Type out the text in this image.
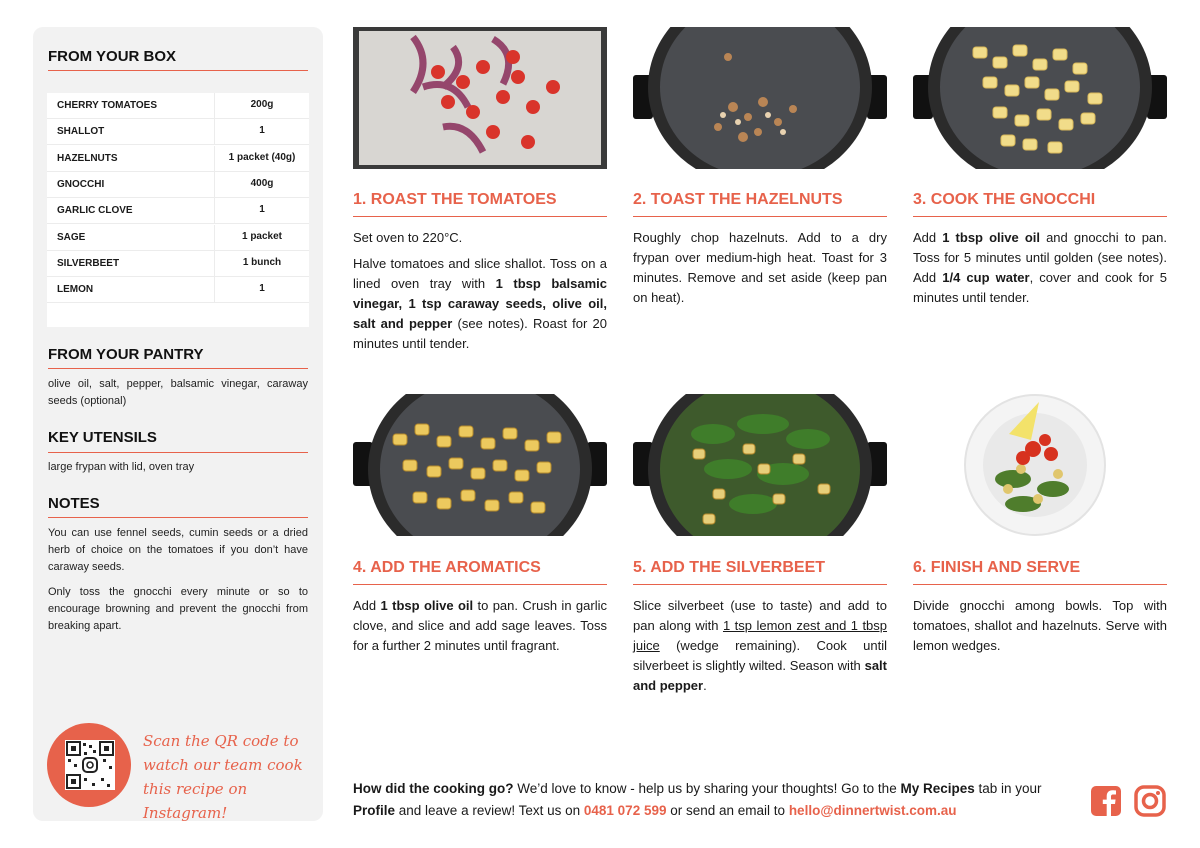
FROM YOUR BOX
CHERRY TOMATOES	200g
SHALLOT	1
HAZELNUTS	1 packet (40g)
GNOCCHI	400g
GARLIC CLOVE	1
SAGE	1 packet
SILVERBEET	1 bunch
LEMON	1
FROM YOUR PANTRY
olive oil, salt, pepper, balsamic vinegar, caraway seeds (optional)
KEY UTENSILS
large frypan with lid, oven tray
NOTES
You can use fennel seeds, cumin seeds or a dried herb of choice on the tomatoes if you don’t have caraway seeds.
Only toss the gnocchi every minute or so to encourage browning and prevent the gnocchi from breaking apart.
Scan the QR code to watch our team cook this recipe on Instagram!
1. ROAST THE TOMATOES

Set oven to 220°C.

Halve tomatoes and slice shallot. Toss on a lined oven tray with 1 tbsp balsamic vinegar, 1 tsp caraway seeds, olive oil, salt and pepper (see notes). Roast for 20 minutes until tender.

2. TOAST THE HAZELNUTS

Roughly chop hazelnuts. Add to a dry frypan over medium-high heat. Toast for 3 minutes. Remove and set aside (keep pan on heat).

3. COOK THE GNOCCHI

Add 1 tbsp olive oil and gnocchi to pan. Toss for 5 minutes until golden (see notes). Add 1/4 cup water, cover and cook for 5 minutes until tender.

4. ADD THE AROMATICS

Add 1 tbsp olive oil to pan. Crush in garlic clove, and slice and add sage leaves. Toss for a further 2 minutes until fragrant.

5. ADD THE SILVERBEET

Slice silverbeet (use to taste) and add to pan along with 1 tsp lemon zest and 1 tbsp juice (wedge remaining). Cook until silverbeet is slightly wilted. Season with salt and pepper.

6. FINISH AND SERVE

Divide gnocchi among bowls. Top with tomatoes, shallot and hazelnuts. Serve with lemon wedges.

How did the cooking go? We’d love to know - help us by sharing your thoughts! Go to the My Recipes tab in your Profile and leave a review! Text us on 0481 072 599 or send an email to hello@dinnertwist.com.au
